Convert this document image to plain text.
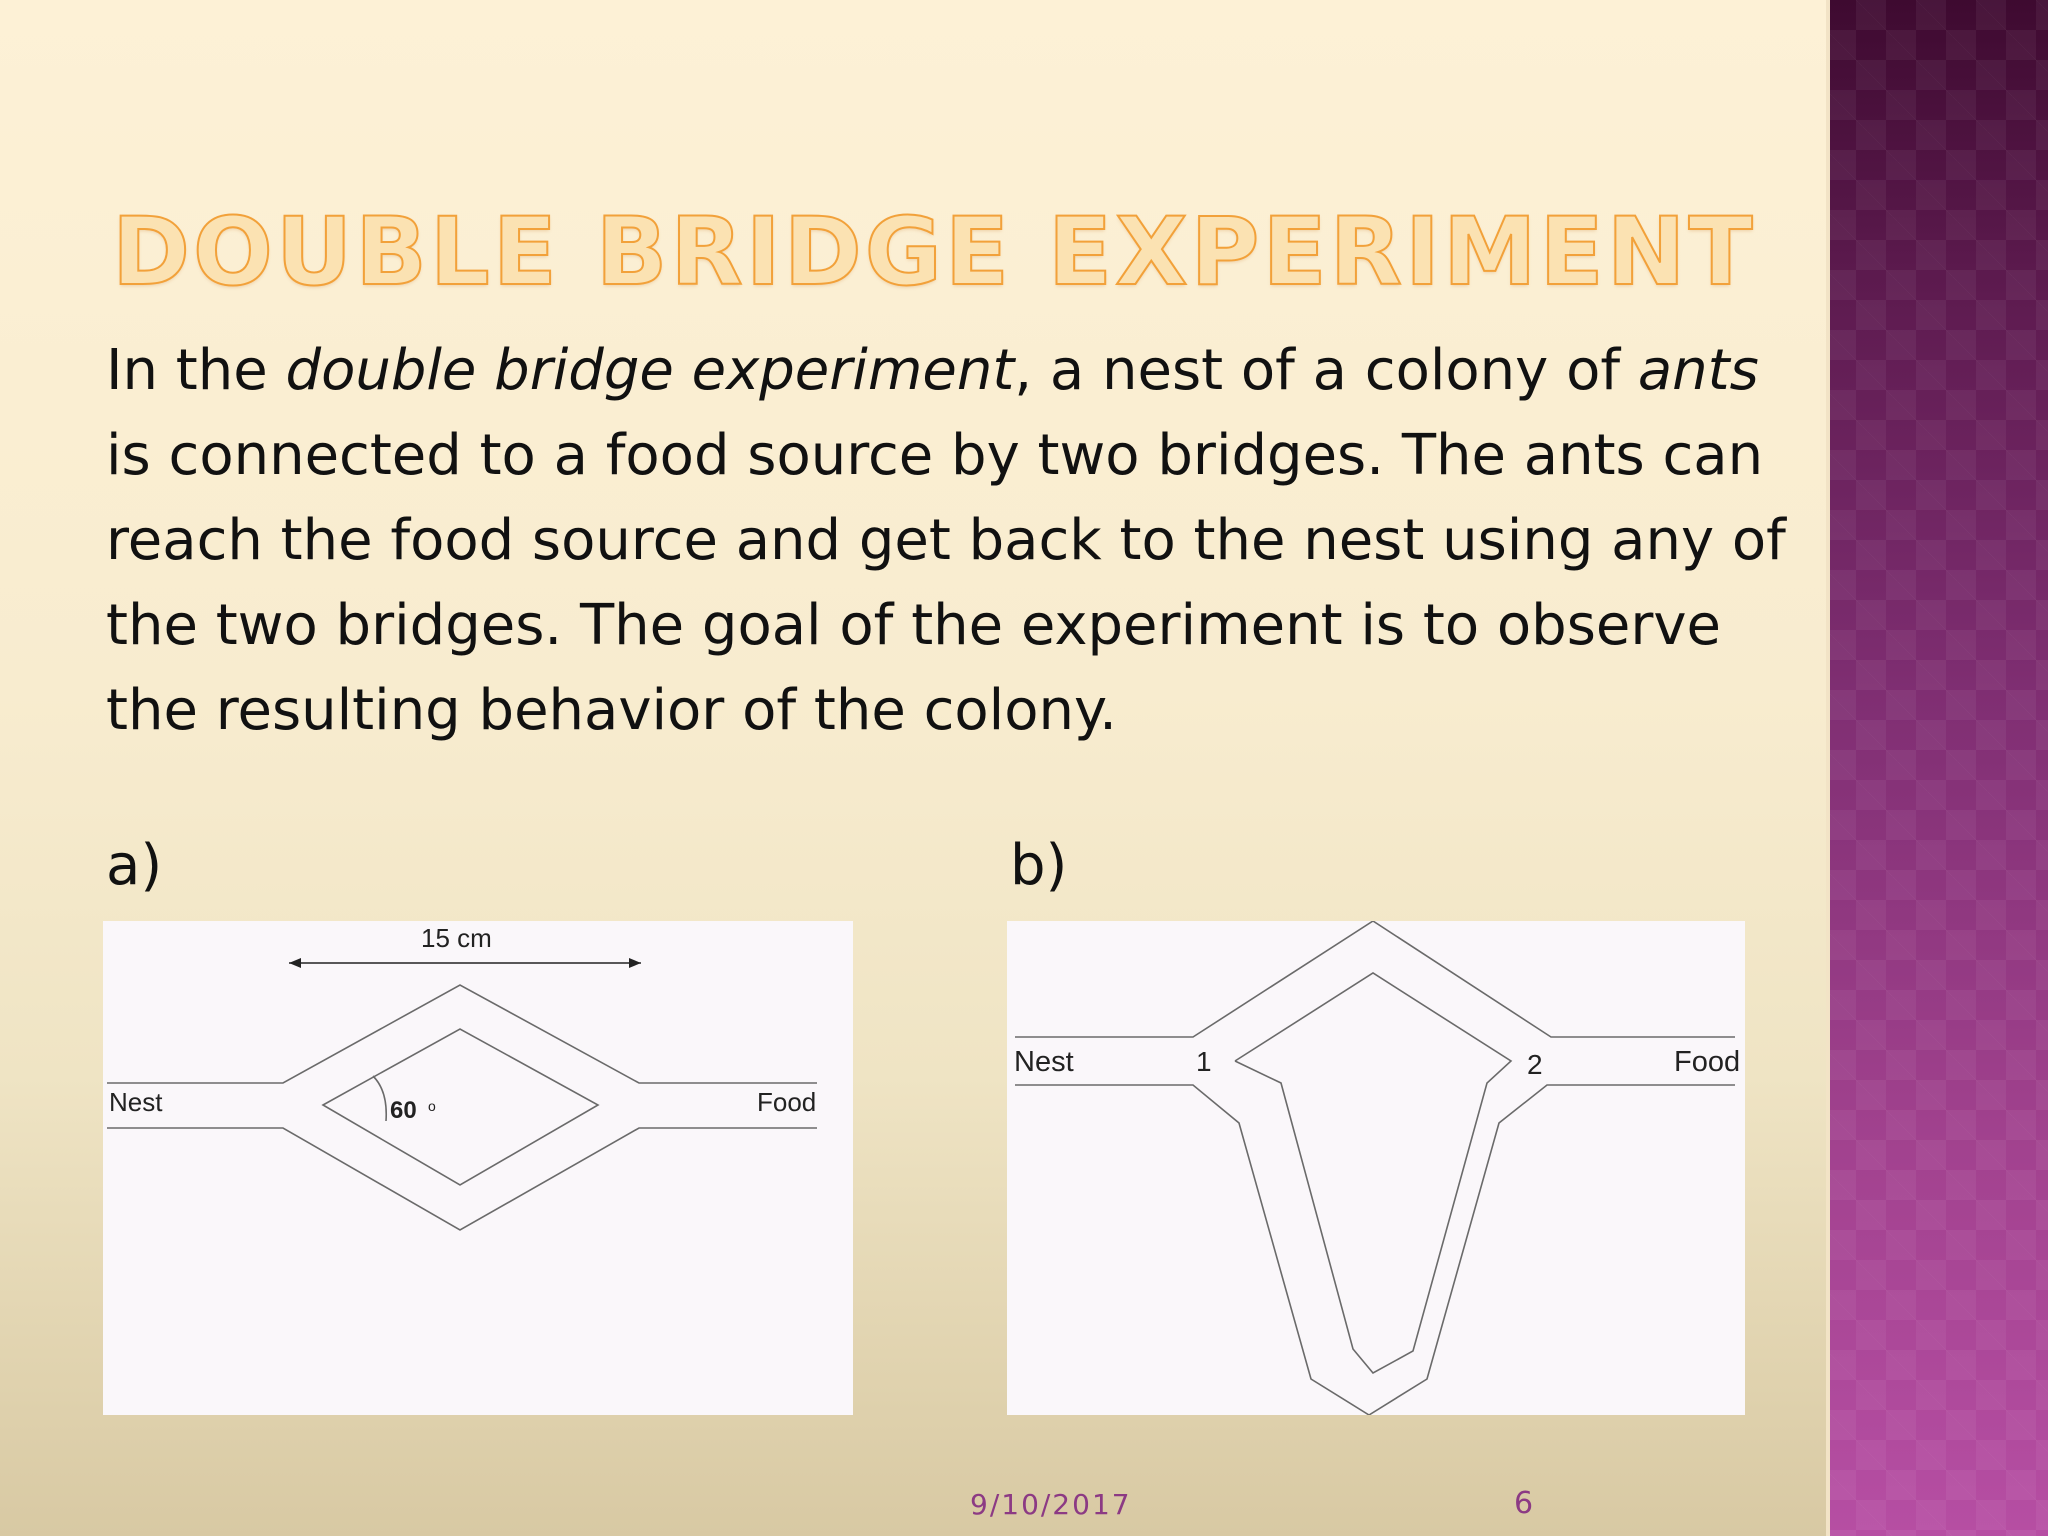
DOUBLE BRIDGE EXPERIMENT

In the double bridge experiment, a nest of a colony of ants is connected to a food source by two bridges. The ants can reach the food source and get back to the nest using any of the two bridges. The goal of the experiment is to observe the resulting behavior of the colony.

a)	b)
15 cm
Nest	Food
60 o
Nest	Food
1	2
9/10/2017	6
